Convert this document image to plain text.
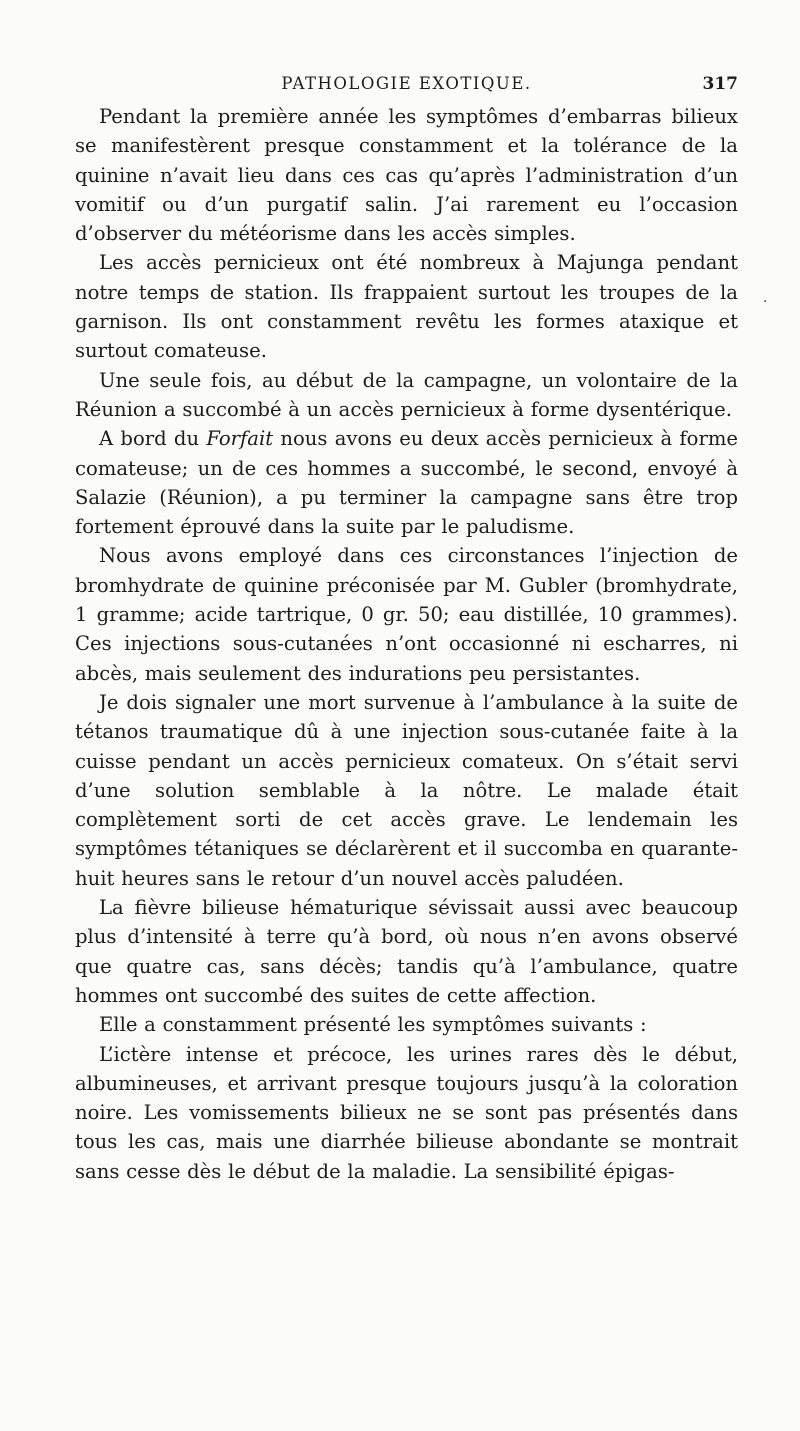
PATHOLOGIE EXOTIQUE.	317
·

Pendant la première année les symptômes d’embarras bilieux se manifestèrent presque constamment et la tolérance de la quinine n’avait lieu dans ces cas qu’après l’administration d’un vomitif ou d’un purgatif salin. J’ai rarement eu l’occasion d’observer du météorisme dans les accès simples.

Les accès pernicieux ont été nombreux à Majunga pendant notre temps de station. Ils frappaient surtout les troupes de la garnison. Ils ont constamment revêtu les formes ataxique et surtout comateuse.

Une seule fois, au début de la campagne, un volontaire de la Réunion a succombé à un accès pernicieux à forme dysentérique.

A bord du Forfait nous avons eu deux accès pernicieux à forme comateuse; un de ces hommes a succombé, le second, envoyé à Salazie (Réunion), a pu terminer la campagne sans être trop fortement éprouvé dans la suite par le paludisme.

Nous avons employé dans ces circonstances l’injection de bromhydrate de quinine préconisée par M. Gubler (bromhydrate, 1 gramme; acide tartrique, 0 gr. 50; eau distillée, 10 grammes). Ces injections sous-cutanées n’ont occasionné ni escharres, ni abcès, mais seulement des indurations peu persistantes.

Je dois signaler une mort survenue à l’ambulance à la suite de tétanos traumatique dû à une injection sous-cutanée faite à la cuisse pendant un accès pernicieux comateux. On s’était servi d’une solution semblable à la nôtre. Le malade était complètement sorti de cet accès grave. Le lendemain les symptômes tétaniques se déclarèrent et il succomba en quarante-huit heures sans le retour d’un nouvel accès paludéen.

La fièvre bilieuse hématurique sévissait aussi avec beaucoup plus d’intensité à terre qu’à bord, où nous n’en avons observé que quatre cas, sans décès; tandis qu’à l’ambulance, quatre hommes ont succombé des suites de cette affection.

Elle a constamment présenté les symptômes suivants :

L’ictère intense et précoce, les urines rares dès le début, albumineuses, et arrivant presque toujours jusqu’à la coloration noire. Les vomissements bilieux ne se sont pas présentés dans tous les cas, mais une diarrhée bilieuse abondante se montrait sans cesse dès le début de la maladie. La sensibilité épigas-
